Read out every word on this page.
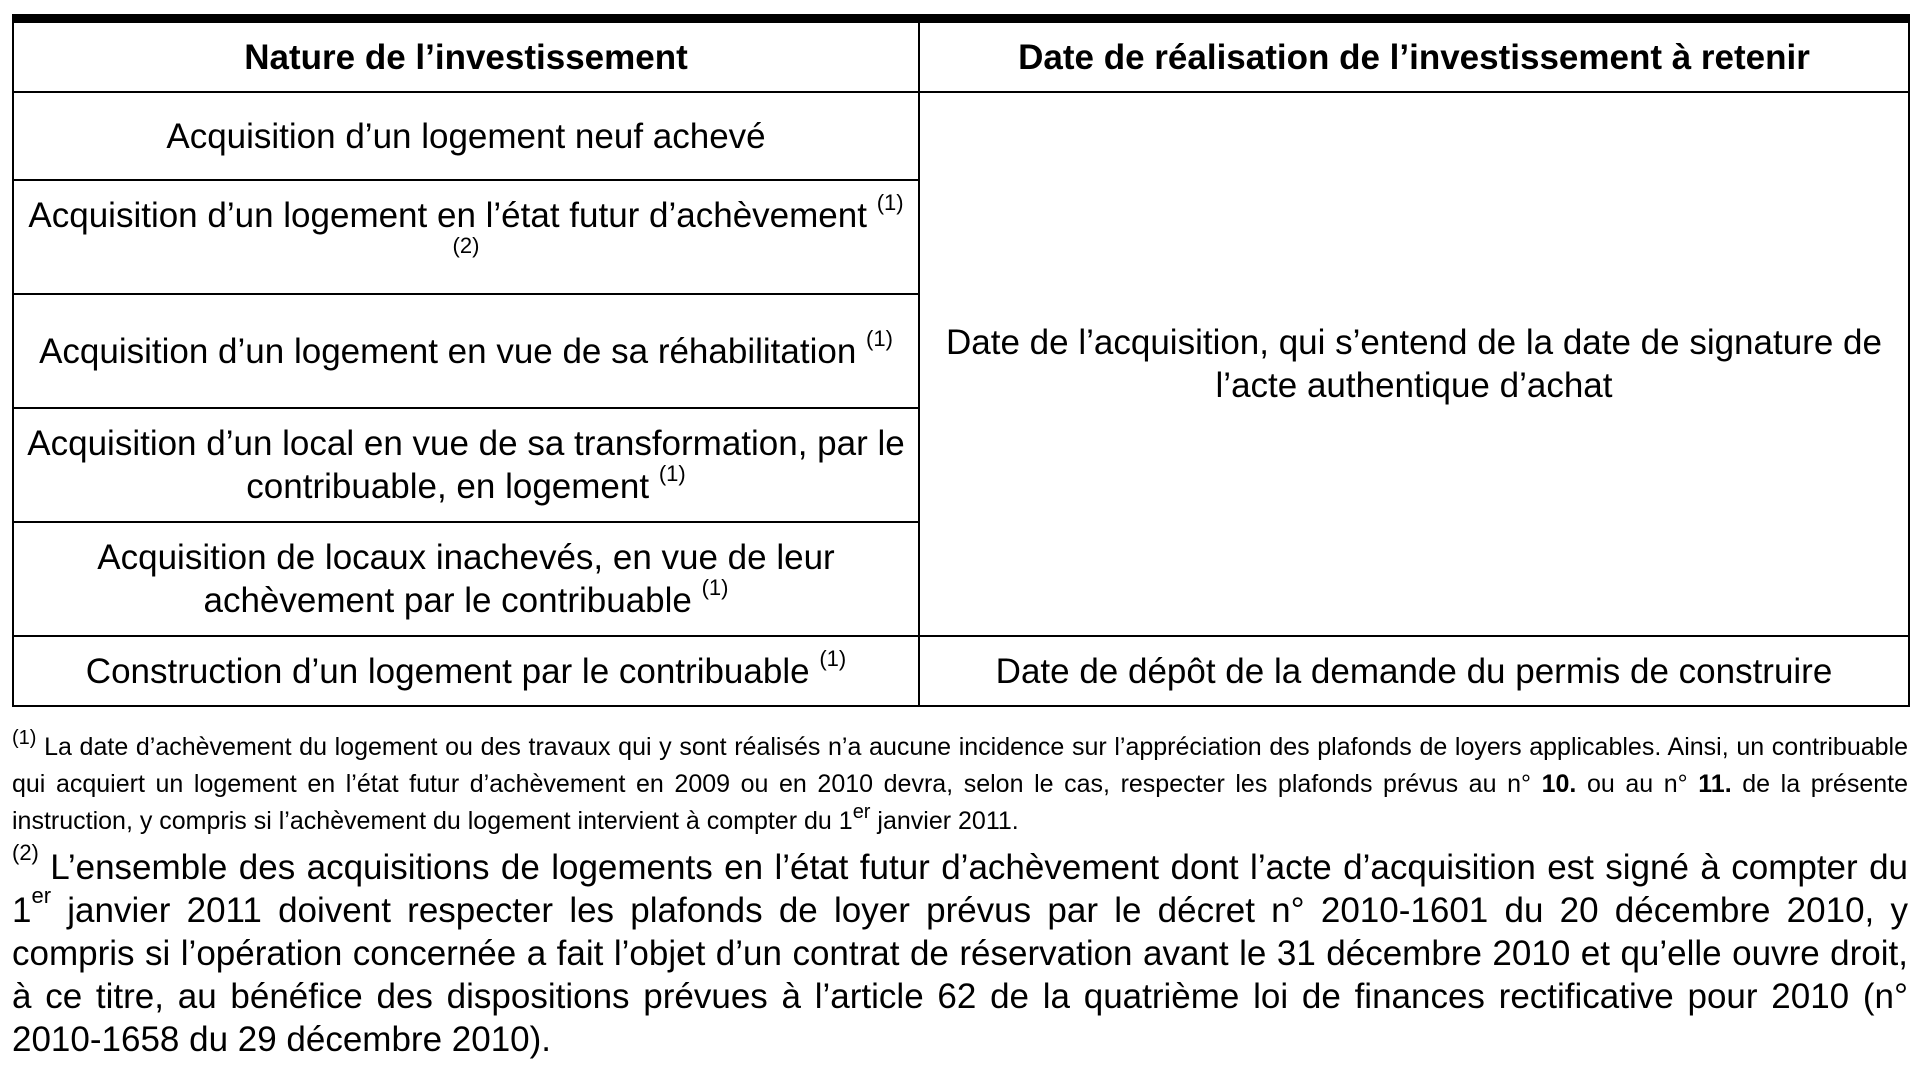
Nature de l’investissement	Date de réalisation de l’investissement à retenir
Acquisition d’un logement neuf achevé	Date de l’acquisition, qui s’entend de la date de signature de l’acte authentique d’achat
Acquisition d’un logement en l’état futur d’achèvement $^{(1) (2)}$
Acquisition d’un logement en vue de sa réhabilitation $^{(1)}$
Acquisition d’un local en vue de sa transformation, par le contribuable, en logement $^{(1)}$
Acquisition de locaux inachevés, en vue de leur achèvement par le contribuable $^{(1)}$
Construction d’un logement par le contribuable $^{(1)}$	Date de dépôt de la demande du permis de construire

$^{(1)}$ La date d’achèvement du logement ou des travaux qui y sont réalisés n’a aucune incidence sur l’appréciation des plafonds de loyers applicables. Ainsi, un contribuable qui acquiert un logement en l’état futur d’achèvement en 2009 ou en 2010 devra, selon le cas, respecter les plafonds prévus au n° 10. ou au n° 11. de la présente instruction, y compris si l’achèvement du logement intervient à compter du 1er janvier 2011.

$^{(2)}$ L’ensemble des acquisitions de logements en l’état futur d’achèvement dont l’acte d’acquisition est signé à compter du 1er janvier 2011 doivent respecter les plafonds de loyer prévus par le décret n° 2010-1601 du 20 décembre 2010, y compris si l’opération concernée a fait l’objet d’un contrat de réservation avant le 31 décembre 2010 et qu’elle ouvre droit, à ce titre, au bénéfice des dispositions prévues à l’article 62 de la quatrième loi de finances rectificative pour 2010 (n° 2010-1658 du 29 décembre 2010).
